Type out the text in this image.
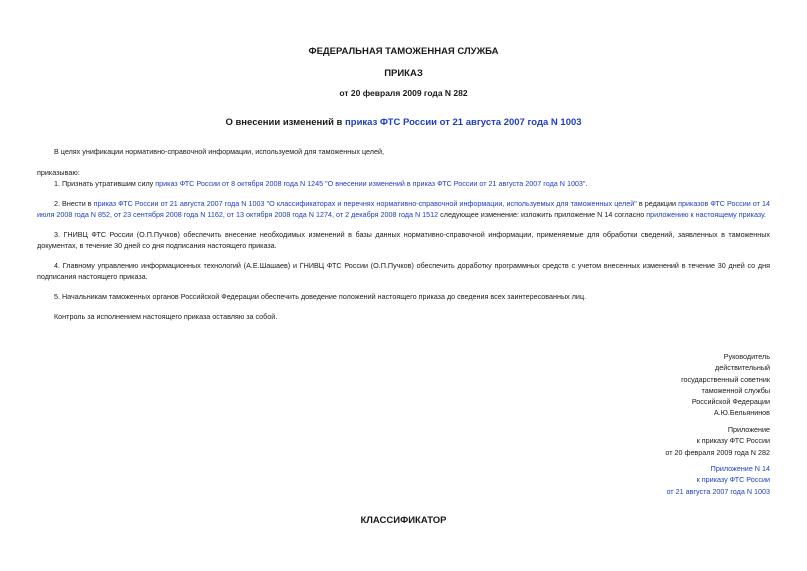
ФЕДЕРАЛЬНАЯ ТАМОЖЕННАЯ СЛУЖБА
ПРИКАЗ
от 20 февраля 2009 года N 282
О внесении изменений в приказ ФТС России от 21 августа 2007 года N 1003
В целях унификации нормативно-справочной информации, используемой для таможенных целей,
приказываю:
1. Признать утратившим силу приказ ФТС России от 8 октября 2008 года N 1245 "О внесении изменений в приказ ФТС России от 21 августа 2007 года N 1003".
2. Внести в приказ ФТС России от 21 августа 2007 года N 1003 "О классификаторах и перечнях нормативно-справочной информации, используемых для таможенных целей" в редакции приказов ФТС России от 14 июля 2008 года N 852, от 23 сентября 2008 года N 1162, от 13 октября 2008 года N 1274, от 2 декабря 2008 года N 1512 следующее изменение: изложить приложение N 14 согласно приложению к настоящему приказу.
3. ГНИВЦ ФТС России (О.П.Пучков) обеспечить внесение необходимых изменений в базы данных нормативно-справочной информации, применяемые для обработки сведений, заявленных в таможенных документах, в течение 30 дней со дня подписания настоящего приказа.
4. Главному управлению информационных технологий (А.Е.Шашаев) и ГНИВЦ ФТС России (О.П.Пучков) обеспечить доработку программных средств с учетом внесенных изменений в течение 30 дней со дня подписания настоящего приказа.
5. Начальникам таможенных органов Российской Федерации обеспечить доведение положений настоящего приказа до сведения всех заинтересованных лиц.
Контроль за исполнением настоящего приказа оставляю за собой.
Руководитель
действительный
государственный советник
таможенной службы
Российской Федерации
А.Ю.Бельянинов
Приложение
к приказу ФТС России
от 20 февраля 2009 года N 282
Приложение N 14
к приказу ФТС России
от 21 августа 2007 года N 1003
КЛАССИФИКАТОР
